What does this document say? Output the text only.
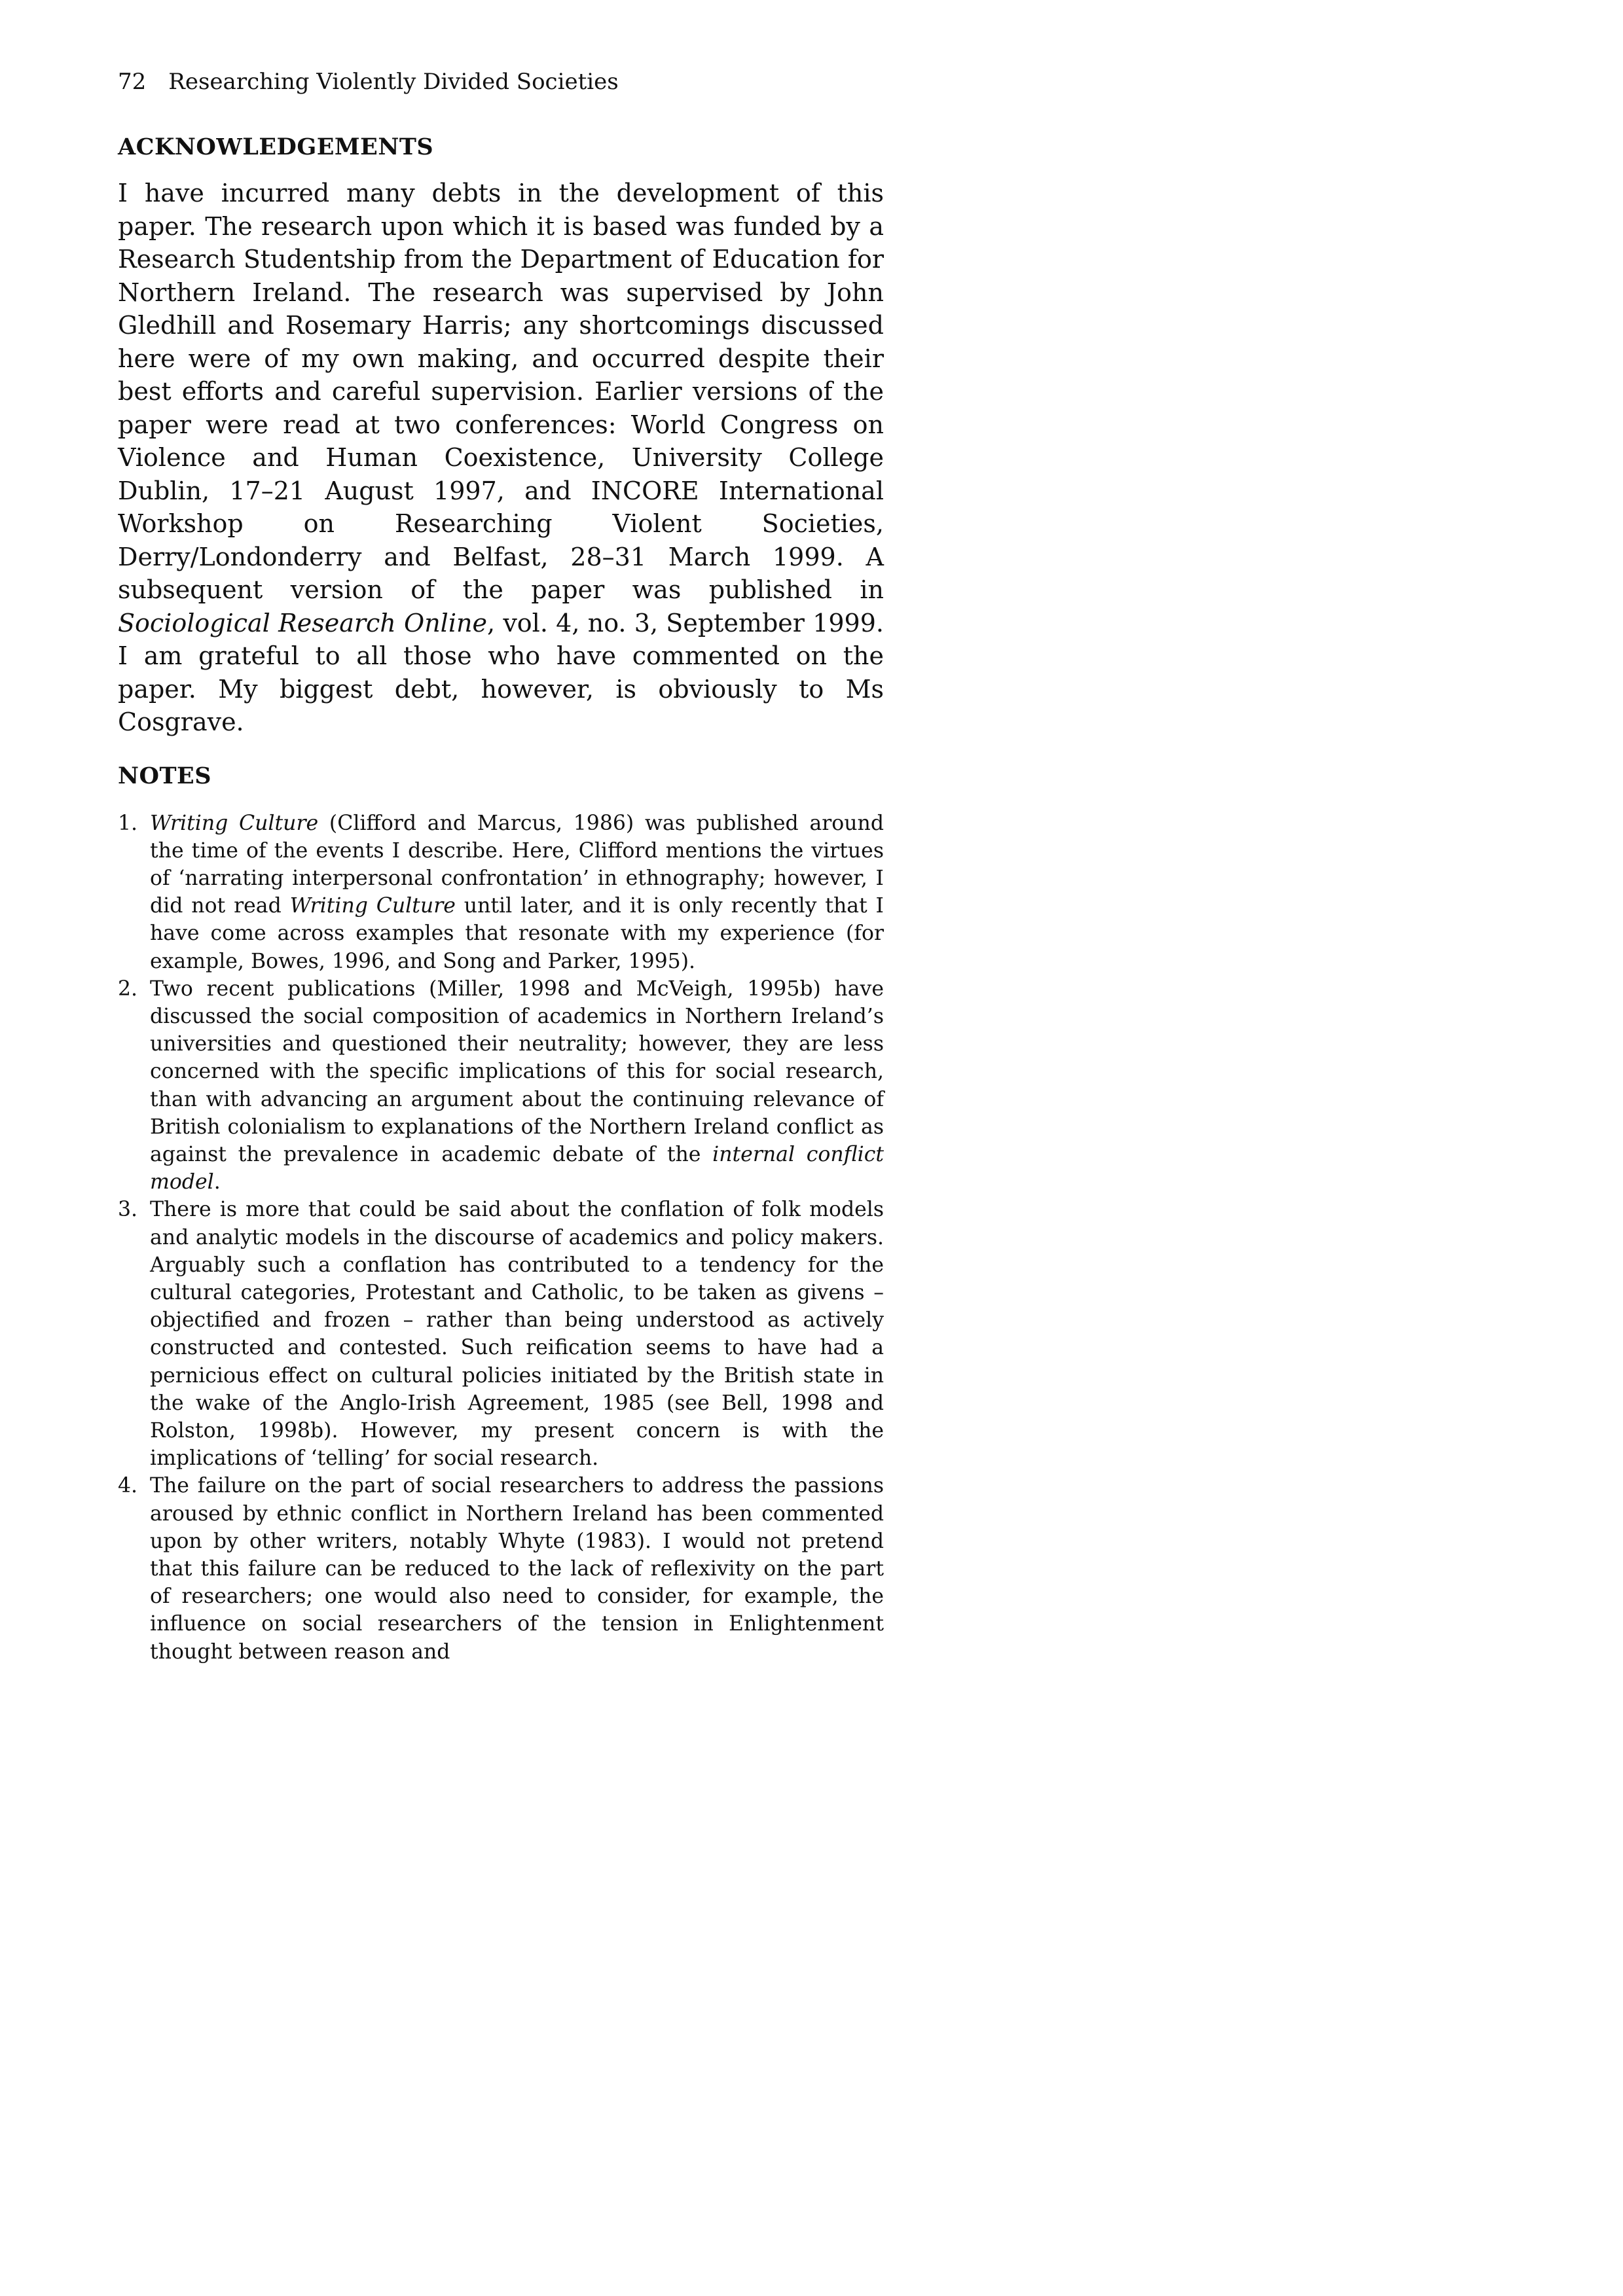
72 Researching Violently Divided Societies
ACKNOWLEDGEMENTS

I have incurred many debts in the development of this paper. The research upon which it is based was funded by a Research Studentship from the Department of Education for Northern Ireland. The research was supervised by John Gledhill and Rosemary Harris; any shortcomings discussed here were of my own making, and occurred despite their best efforts and careful supervision. Earlier versions of the paper were read at two conferences: World Congress on Violence and Human Coexistence, University College Dublin, 17–21 August 1997, and INCORE International Workshop on Researching Violent Societies, Derry/Londonderry and Belfast, 28–31 March 1999. A subsequent version of the paper was published in Sociological Research Online, vol. 4, no. 3, September 1999. I am grateful to all those who have commented on the paper. My biggest debt, however, is obviously to Ms Cosgrave.

NOTES
1. Writing Culture (Clifford and Marcus, 1986) was published around the time of the events I describe. Here, Clifford mentions the virtues of ‘narrating interpersonal confrontation’ in ethnography; however, I did not read Writing Culture until later, and it is only recently that I have come across examples that resonate with my experience (for example, Bowes, 1996, and Song and Parker, 1995).
2. Two recent publications (Miller, 1998 and McVeigh, 1995b) have discussed the social composition of academics in Northern Ireland’s universities and questioned their neutrality; however, they are less concerned with the specific implications of this for social research, than with advancing an argument about the continuing relevance of British colonialism to explanations of the Northern Ireland conflict as against the prevalence in academic debate of the internal conflict model.
3. There is more that could be said about the conflation of folk models and analytic models in the discourse of academics and policy makers. Arguably such a conflation has contributed to a tendency for the cultural categories, Protestant and Catholic, to be taken as givens – objectified and frozen – rather than being understood as actively constructed and contested. Such reification seems to have had a pernicious effect on cultural policies initiated by the British state in the wake of the Anglo-Irish Agreement, 1985 (see Bell, 1998 and Rolston, 1998b). However, my present concern is with the implications of ‘telling’ for social research.
4. The failure on the part of social researchers to address the passions aroused by ethnic conflict in Northern Ireland has been commented upon by other writers, notably Whyte (1983). I would not pretend that this failure can be reduced to the lack of reflexivity on the part of researchers; one would also need to consider, for example, the influence on social researchers of the tension in Enlightenment thought between reason and
